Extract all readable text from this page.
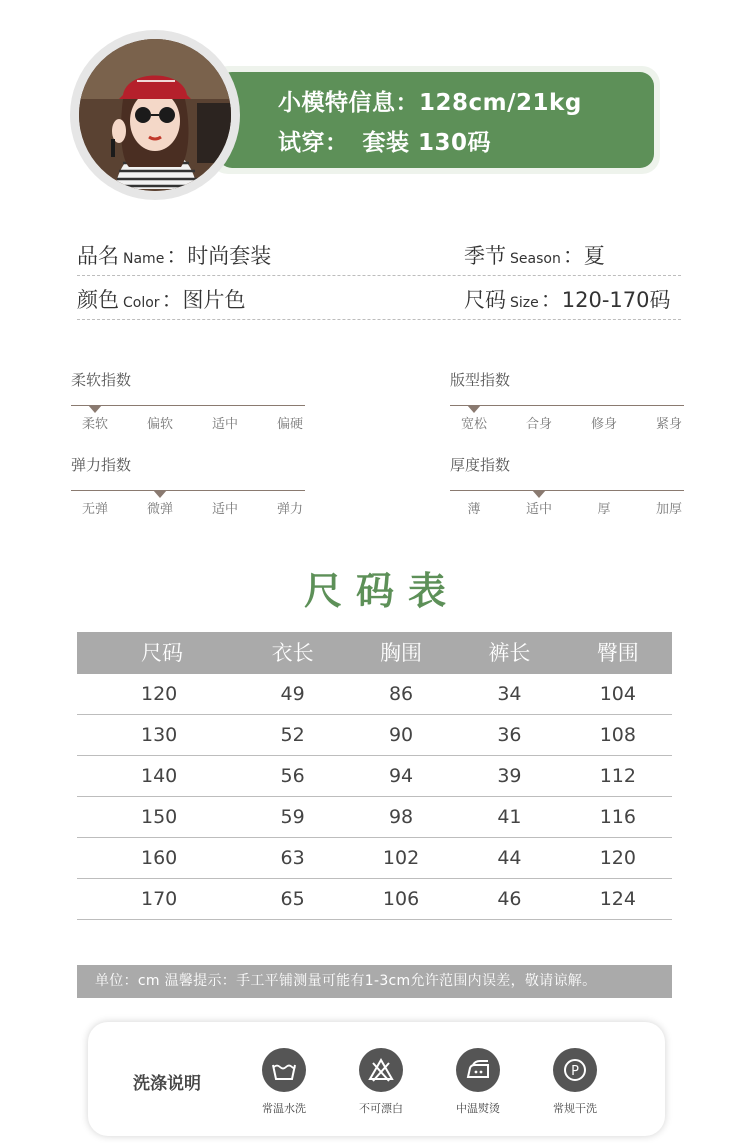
小模特信息：128cm/21kg
试穿： 套装 130码
品名 Name：时尚套装	季节 Season：夏
颜色 Color：图片色	尺码 Size：120-170码
柔软指数
柔软	偏软	适中	偏硬
版型指数
宽松	合身	修身	紧身
弹力指数
无弹	微弹	适中	弹力
厚度指数
薄	适中	厚	加厚
尺码表
尺码	衣长	胸围	裤长	臀围
120	49	86	34	104
130	52	90	36	108
140	56	94	39	112
150	59	98	41	116
160	63	102	44	120
170	65	106	46	124
单位：cm 温馨提示：手工平铺测量可能有1-3cm允许范围内误差，敬请谅解。
洗涤说明
常温水洗	不可漂白	中温熨烫
P
常规干洗
